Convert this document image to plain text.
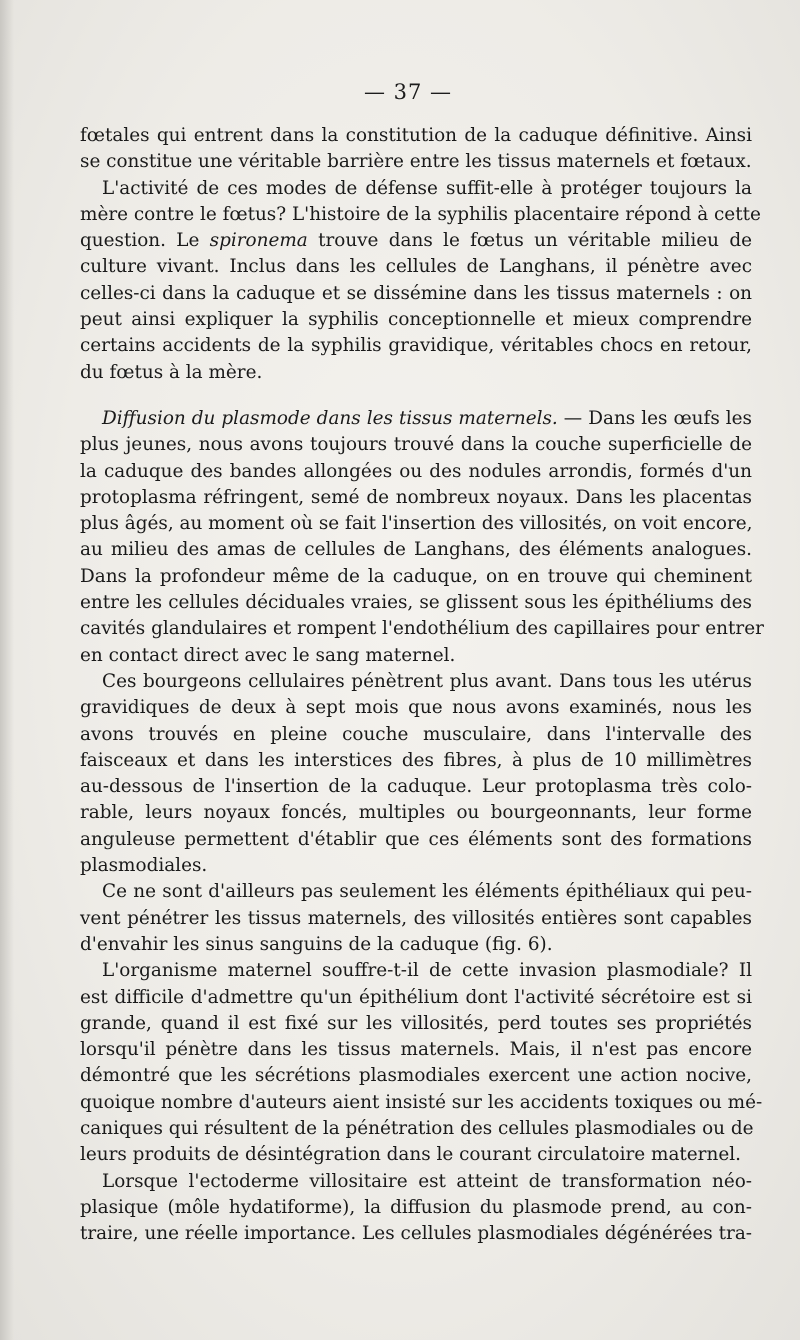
— 37 —
fœtales qui entrent dans la constitution de la caduque définitive. Ainsi
se constitue une véritable barrière entre les tissus maternels et fœtaux.
L'activité de ces modes de défense suffit-elle à protéger toujours la
mère contre le fœtus? L'histoire de la syphilis placentaire répond à cette
question. Le spironema trouve dans le fœtus un véritable milieu de
culture vivant. Inclus dans les cellules de Langhans, il pénètre avec
celles-ci dans la caduque et se dissémine dans les tissus maternels : on
peut ainsi expliquer la syphilis conceptionnelle et mieux comprendre
certains accidents de la syphilis gravidique, véritables chocs en retour,
du fœtus à la mère.
Diffusion du plasmode dans les tissus maternels. — Dans les œufs les
plus jeunes, nous avons toujours trouvé dans la couche superficielle de
la caduque des bandes allongées ou des nodules arrondis, formés d'un
protoplasma réfringent, semé de nombreux noyaux. Dans les placentas
plus âgés, au moment où se fait l'insertion des villosités, on voit encore,
au milieu des amas de cellules de Langhans, des éléments analogues.
Dans la profondeur même de la caduque, on en trouve qui cheminent
entre les cellules déciduales vraies, se glissent sous les épithéliums des
cavités glandulaires et rompent l'endothélium des capillaires pour entrer
en contact direct avec le sang maternel.
Ces bourgeons cellulaires pénètrent plus avant. Dans tous les utérus
gravidiques de deux à sept mois que nous avons examinés, nous les
avons trouvés en pleine couche musculaire, dans l'intervalle des
faisceaux et dans les interstices des fibres, à plus de 10 millimètres
au-dessous de l'insertion de la caduque. Leur protoplasma très colo-
rable, leurs noyaux foncés, multiples ou bourgeonnants, leur forme
anguleuse permettent d'établir que ces éléments sont des formations
plasmodiales.
Ce ne sont d'ailleurs pas seulement les éléments épithéliaux qui peu-
vent pénétrer les tissus maternels, des villosités entières sont capables
d'envahir les sinus sanguins de la caduque (fig. 6).
L'organisme maternel souffre-t-il de cette invasion plasmodiale? Il
est difficile d'admettre qu'un épithélium dont l'activité sécrétoire est si
grande, quand il est fixé sur les villosités, perd toutes ses propriétés
lorsqu'il pénètre dans les tissus maternels. Mais, il n'est pas encore
démontré que les sécrétions plasmodiales exercent une action nocive,
quoique nombre d'auteurs aient insisté sur les accidents toxiques ou mé-
caniques qui résultent de la pénétration des cellules plasmodiales ou de
leurs produits de désintégration dans le courant circulatoire maternel.
Lorsque l'ectoderme villositaire est atteint de transformation néo-
plasique (môle hydatiforme), la diffusion du plasmode prend, au con-
traire, une réelle importance. Les cellules plasmodiales dégénérées tra-
